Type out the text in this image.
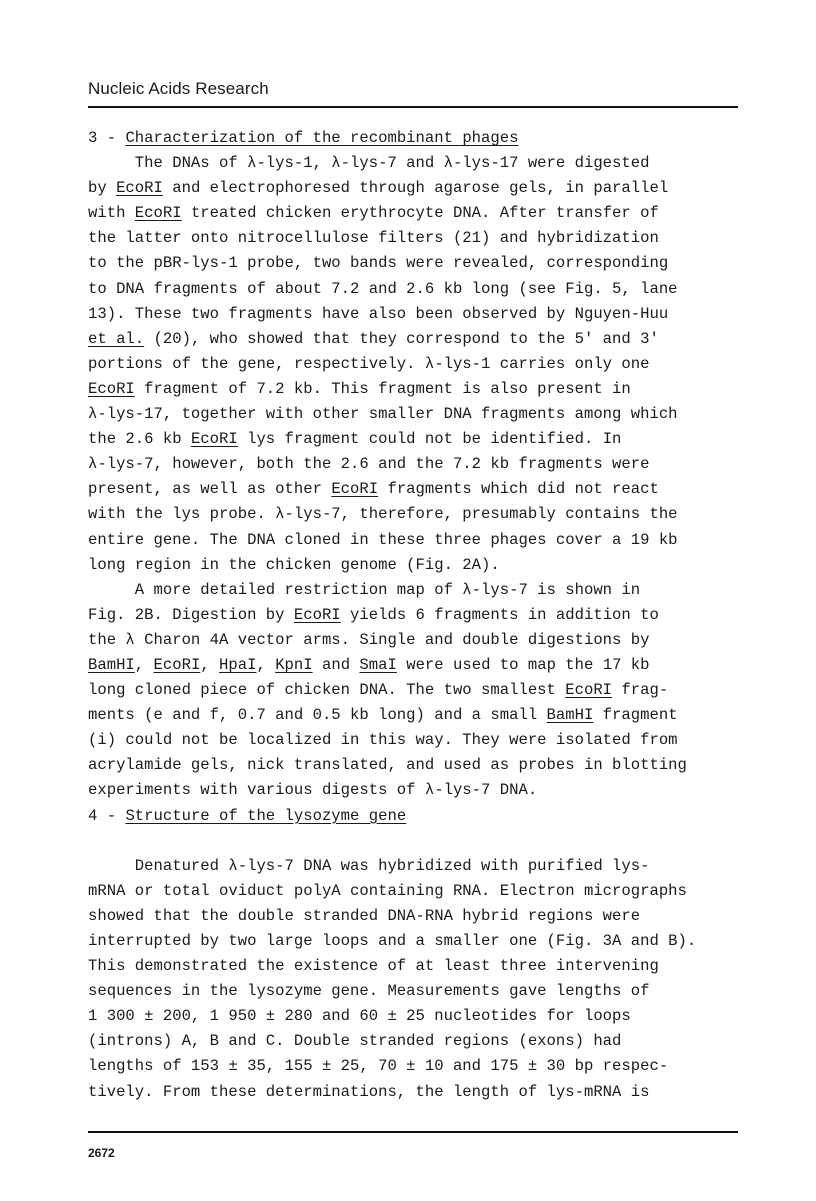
Nucleic Acids Research
3 - Characterization of the recombinant phages
The DNAs of λ-lys-1, λ-lys-7 and λ-lys-17 were digested
by EcoRI and electrophoresed through agarose gels, in parallel
with EcoRI treated chicken erythrocyte DNA. After transfer of
the latter onto nitrocellulose filters (21) and hybridization
to the pBR-lys-1 probe, two bands were revealed, corresponding
to DNA fragments of about 7.2 and 2.6 kb long (see Fig. 5, lane
13). These two fragments have also been observed by Nguyen-Huu
et al. (20), who showed that they correspond to the 5' and 3'
portions of the gene, respectively. λ-lys-1 carries only one
EcoRI fragment of 7.2 kb. This fragment is also present in
λ-lys-17, together with other smaller DNA fragments among which
the 2.6 kb EcoRI lys fragment could not be identified. In
λ-lys-7, however, both the 2.6 and the 7.2 kb fragments were
present, as well as other EcoRI fragments which did not react
with the lys probe. λ-lys-7, therefore, presumably contains the
entire gene. The DNA cloned in these three phages cover a 19 kb
long region in the chicken genome (Fig. 2A).
A more detailed restriction map of λ-lys-7 is shown in
Fig. 2B. Digestion by EcoRI yields 6 fragments in addition to
the λ Charon 4A vector arms. Single and double digestions by
BamHI, EcoRI, HpaI, KpnI and SmaI were used to map the 17 kb
long cloned piece of chicken DNA. The two smallest EcoRI frag-
ments (e and f, 0.7 and 0.5 kb long) and a small BamHI fragment
(i) could not be localized in this way. They were isolated from
acrylamide gels, nick translated, and used as probes in blotting
experiments with various digests of λ-lys-7 DNA.
4 - Structure of the lysozyme gene
Denatured λ-lys-7 DNA was hybridized with purified lys-
mRNA or total oviduct polyA containing RNA. Electron micrographs
showed that the double stranded DNA-RNA hybrid regions were
interrupted by two large loops and a smaller one (Fig. 3A and B).
This demonstrated the existence of at least three intervening
sequences in the lysozyme gene. Measurements gave lengths of
1 300 ± 200, 1 950 ± 280 and 60 ± 25 nucleotides for loops
(introns) A, B and C. Double stranded regions (exons) had
lengths of 153 ± 35, 155 ± 25, 70 ± 10 and 175 ± 30 bp respec-
tively. From these determinations, the length of lys-mRNA is
2672
